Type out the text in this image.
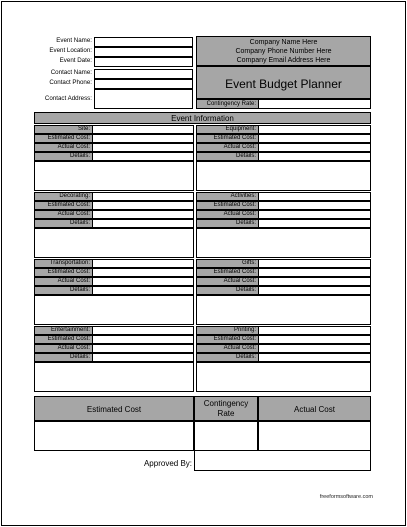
Event Name:
Event Location:
Event Date:
Contact Name:
Contact Phone:
Contact Address:
Company Name Here
Company Phone Number Here
Company Email Address Here
Event Budget Planner
Contingency Rate:
Event Information
Site:
Estimated Cost:
Actual Cost:
Details:
Equipment:
Estimated Cost:
Actual Cost:
Details:
Decorating:
Estimated Cost:
Actual Cost:
Details:
Activities:
Estimated Cost:
Actual Cost:
Details:
Transportation:
Estimated Cost:
Actual Cost:
Details:
Gifts:
Estimated Cost:
Actual Cost:
Details:
Entertainment:
Estimated Cost:
Actual Cost:
Details:
Printing:
Estimated Cost:
Actual Cost:
Details:
Estimated Cost
Contingency
Rate	Actual Cost
Approved By:
freeformsoftware.com
